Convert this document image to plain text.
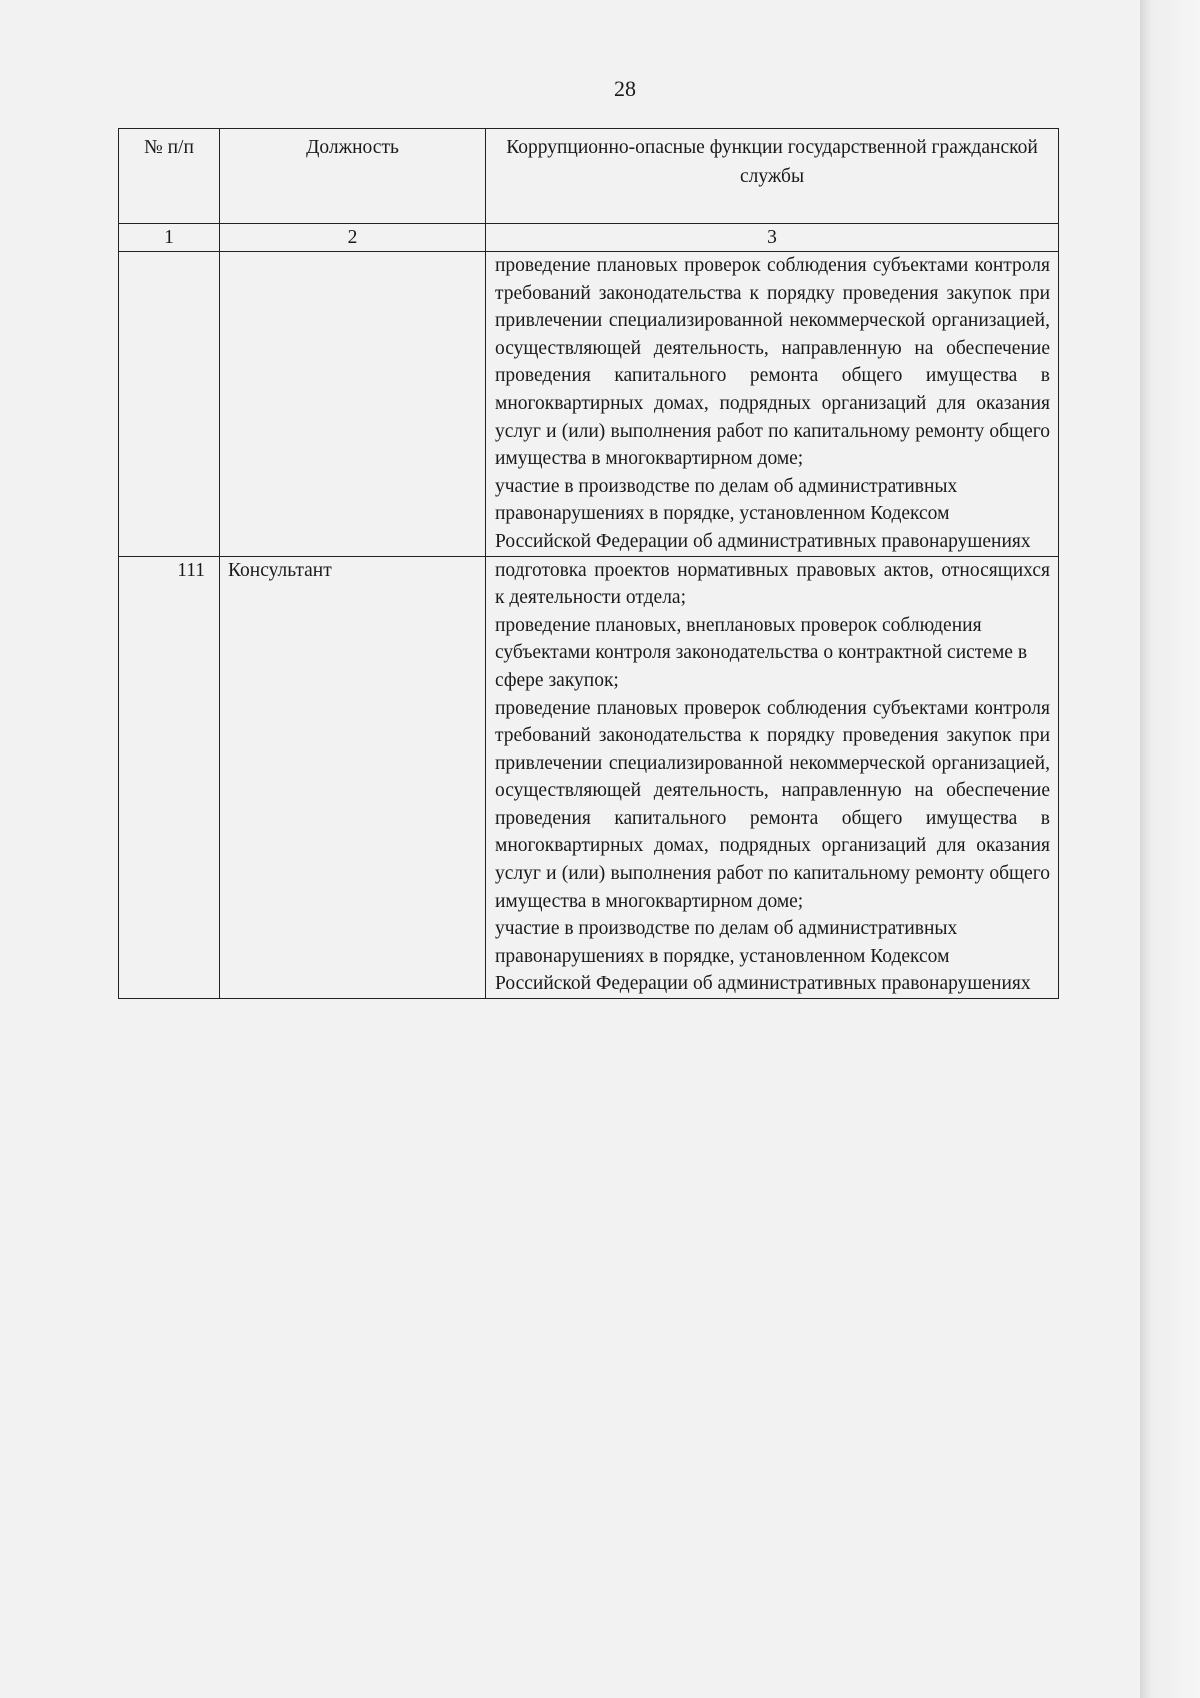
28
№ п/п	Должность	Коррупционно-опасные функции государственной гражданской службы
1	2	3

		проведение плановых проверок соблюдения субъектами контроля требований законодательства к порядку проведения закупок при привлечении специализированной некоммерческой организацией, осуществляющей деятельность, направленную на обеспечение проведения капитального ремонта общего имущества в многоквартирных домах, подрядных организаций для оказания услуг и (или) выполнения работ по капитальному ремонту общего имущества в многоквартирном доме;
участие в производстве по делам об административных правонарушениях в порядке, установленном Кодексом Российской Федерации об административных правонарушениях

111	Консультант	подготовка проектов нормативных правовых актов, относящихся к деятельности отдела;
проведение плановых, внеплановых проверок соблюдения субъектами контроля законодательства о контрактной системе в сфере закупок;
проведение плановых проверок соблюдения субъектами контроля требований законодательства к порядку проведения закупок при привлечении специализированной некоммерческой организацией, осуществляющей деятельность, направленную на обеспечение проведения капитального ремонта общего имущества в многоквартирных домах, подрядных организаций для оказания услуг и (или) выполнения работ по капитальному ремонту общего имущества в многоквартирном доме;
участие в производстве по делам об административных правонарушениях в порядке, установленном Кодексом Российской Федерации об административных правонарушениях
